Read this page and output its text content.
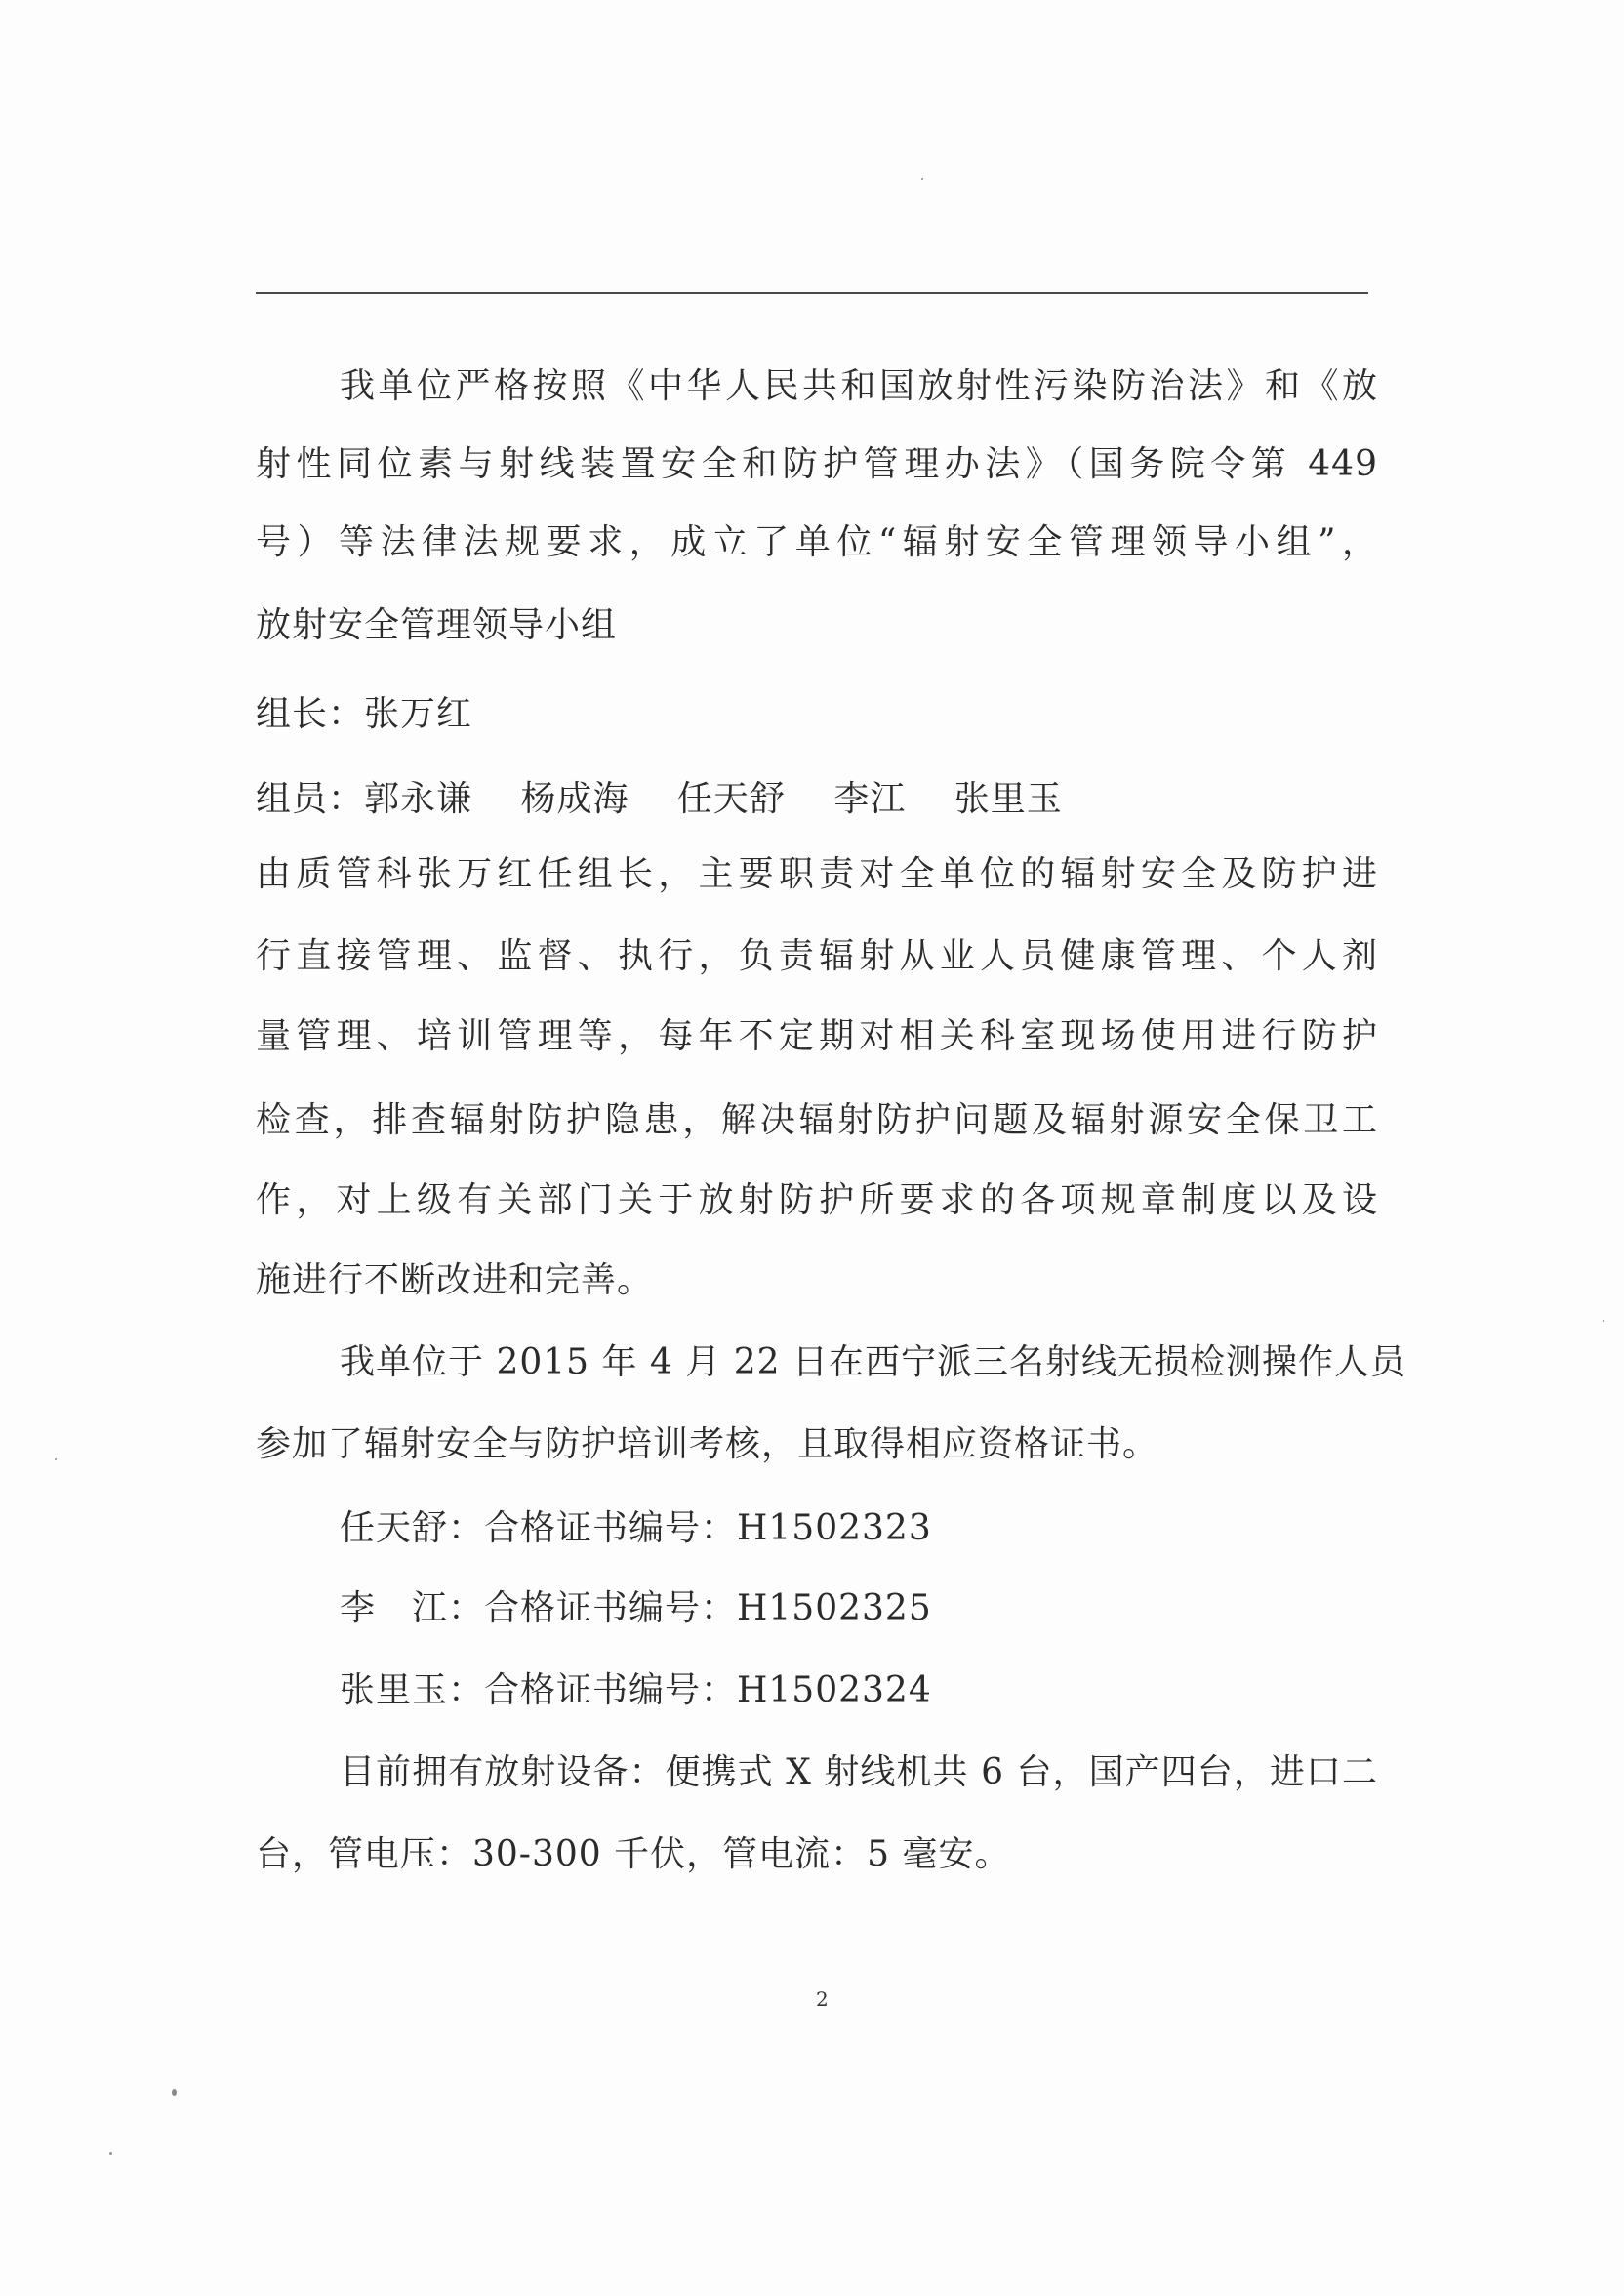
我单位严格按照《中华人民共和国放射性污染防治法》和《放
射性同位素与射线装置安全和防护管理办法》（国务院令第 449
号）等法律法规要求，成立了单位“辐射安全管理领导小组”，
放射安全管理领导小组
组长：张万红
组员：郭永谦　 杨成海　 任天舒 　李江　 张里玉
由质管科张万红任组长，主要职责对全单位的辐射安全及防护进
行直接管理、监督、执行，负责辐射从业人员健康管理、个人剂
量管理、培训管理等，每年不定期对相关科室现场使用进行防护
检查，排查辐射防护隐患，解决辐射防护问题及辐射源安全保卫工
作，对上级有关部门关于放射防护所要求的各项规章制度以及设
施进行不断改进和完善。
我单位于 2015 年 4 月 22 日在西宁派三名射线无损检测操作人员
参加了辐射安全与防护培训考核，且取得相应资格证书。
任天舒：合格证书编号：H1502323
李　江：合格证书编号：H1502325
张里玉：合格证书编号：H1502324
目前拥有放射设备：便携式 X 射线机共 6 台，国产四台，进口二
台，管电压：30-300 千伏，管电流：5 毫安。
2
